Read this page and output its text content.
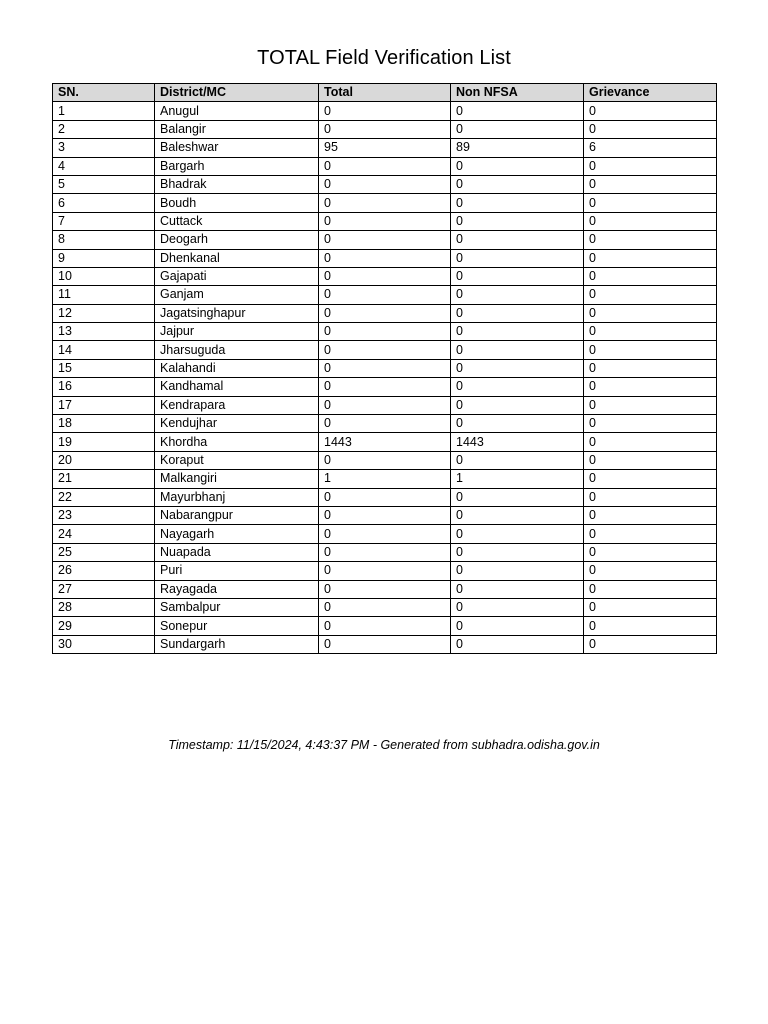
TOTAL Field Verification List
SN.	District/MC	Total	Non NFSA	Grievance
1	Anugul	0	0	0
2	Balangir	0	0	0
3	Baleshwar	95	89	6
4	Bargarh	0	0	0
5	Bhadrak	0	0	0
6	Boudh	0	0	0
7	Cuttack	0	0	0
8	Deogarh	0	0	0
9	Dhenkanal	0	0	0
10	Gajapati	0	0	0
11	Ganjam	0	0	0
12	Jagatsinghapur	0	0	0
13	Jajpur	0	0	0
14	Jharsuguda	0	0	0
15	Kalahandi	0	0	0
16	Kandhamal	0	0	0
17	Kendrapara	0	0	0
18	Kendujhar	0	0	0
19	Khordha	1443	1443	0
20	Koraput	0	0	0
21	Malkangiri	1	1	0
22	Mayurbhanj	0	0	0
23	Nabarangpur	0	0	0
24	Nayagarh	0	0	0
25	Nuapada	0	0	0
26	Puri	0	0	0
27	Rayagada	0	0	0
28	Sambalpur	0	0	0
29	Sonepur	0	0	0
30	Sundargarh	0	0	0
Timestamp: 11/15/2024, 4:43:37 PM - Generated from subhadra.odisha.gov.in
